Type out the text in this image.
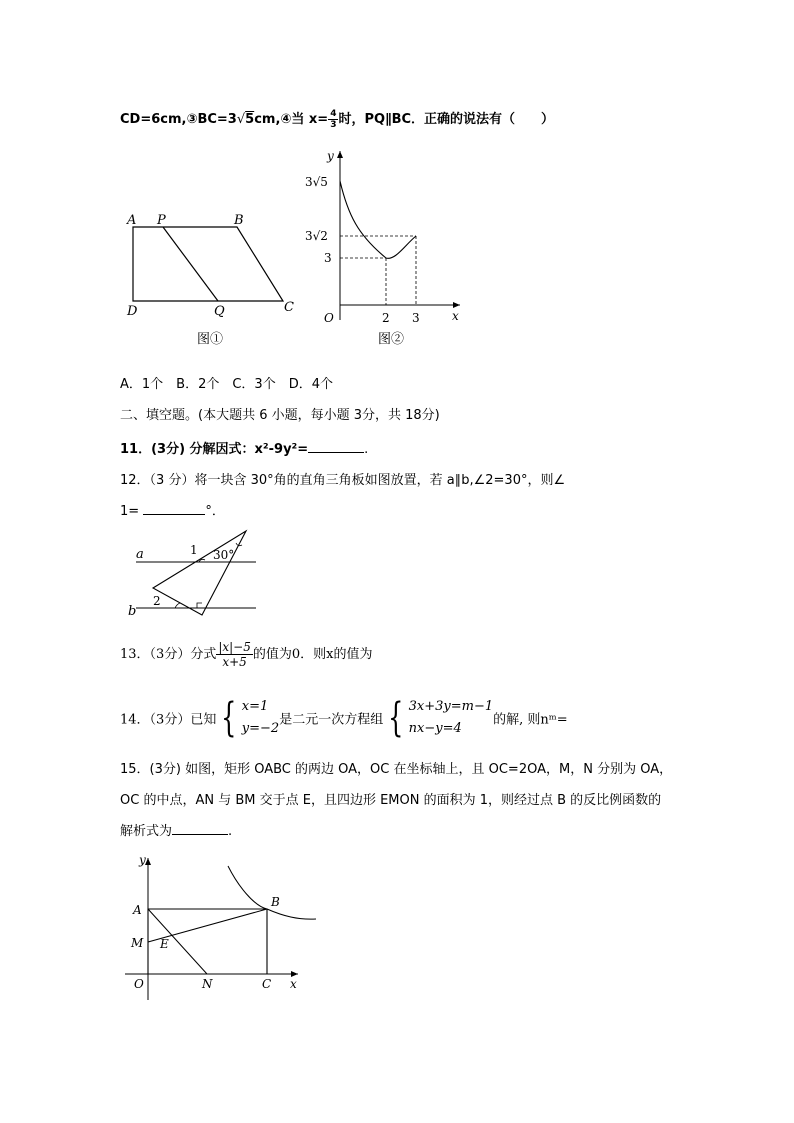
CD=6cm,③BC=3√5cm,④当 $x= \frac{4}{3}$ 时，PQ∥BC．正确的说法有（　　）
A P	B
D	Q	C
图①
y
x
O
3√5
3√2
3
2 3
图②
A．1个　B．2个　C．3个　D．4个
二、填空题。(本大题共 6 小题，每小题 3分，共 18分)
11．(3分) 分解因式：x²-9y²=	.
12．（3 分）将一块含 30°角的直角三角板如图放置，若 a∥b,∠2=30°，则∠
1=	°．
a
b
1 30°
2
13．（3分）分式 $\frac{|x|-5}{x+5}$ 的值为0．则x的值为
14．（3分）已知 { x=1
y=−2
是二元一次方程组 { 3x+3y=m−1
nx−y=4
的解, 则nᵐ=
15．(3分) 如图，矩形 OABC 的两边 OA，OC 在坐标轴上，且 OC=2OA，M，N 分别为 OA，
OC 的中点，AN 与 BM 交于点 E，且四边形 EMON 的面积为 1，则经过点 B 的反比例函数的
解析式为	.
y
x
A
B
M E
O	N	C
